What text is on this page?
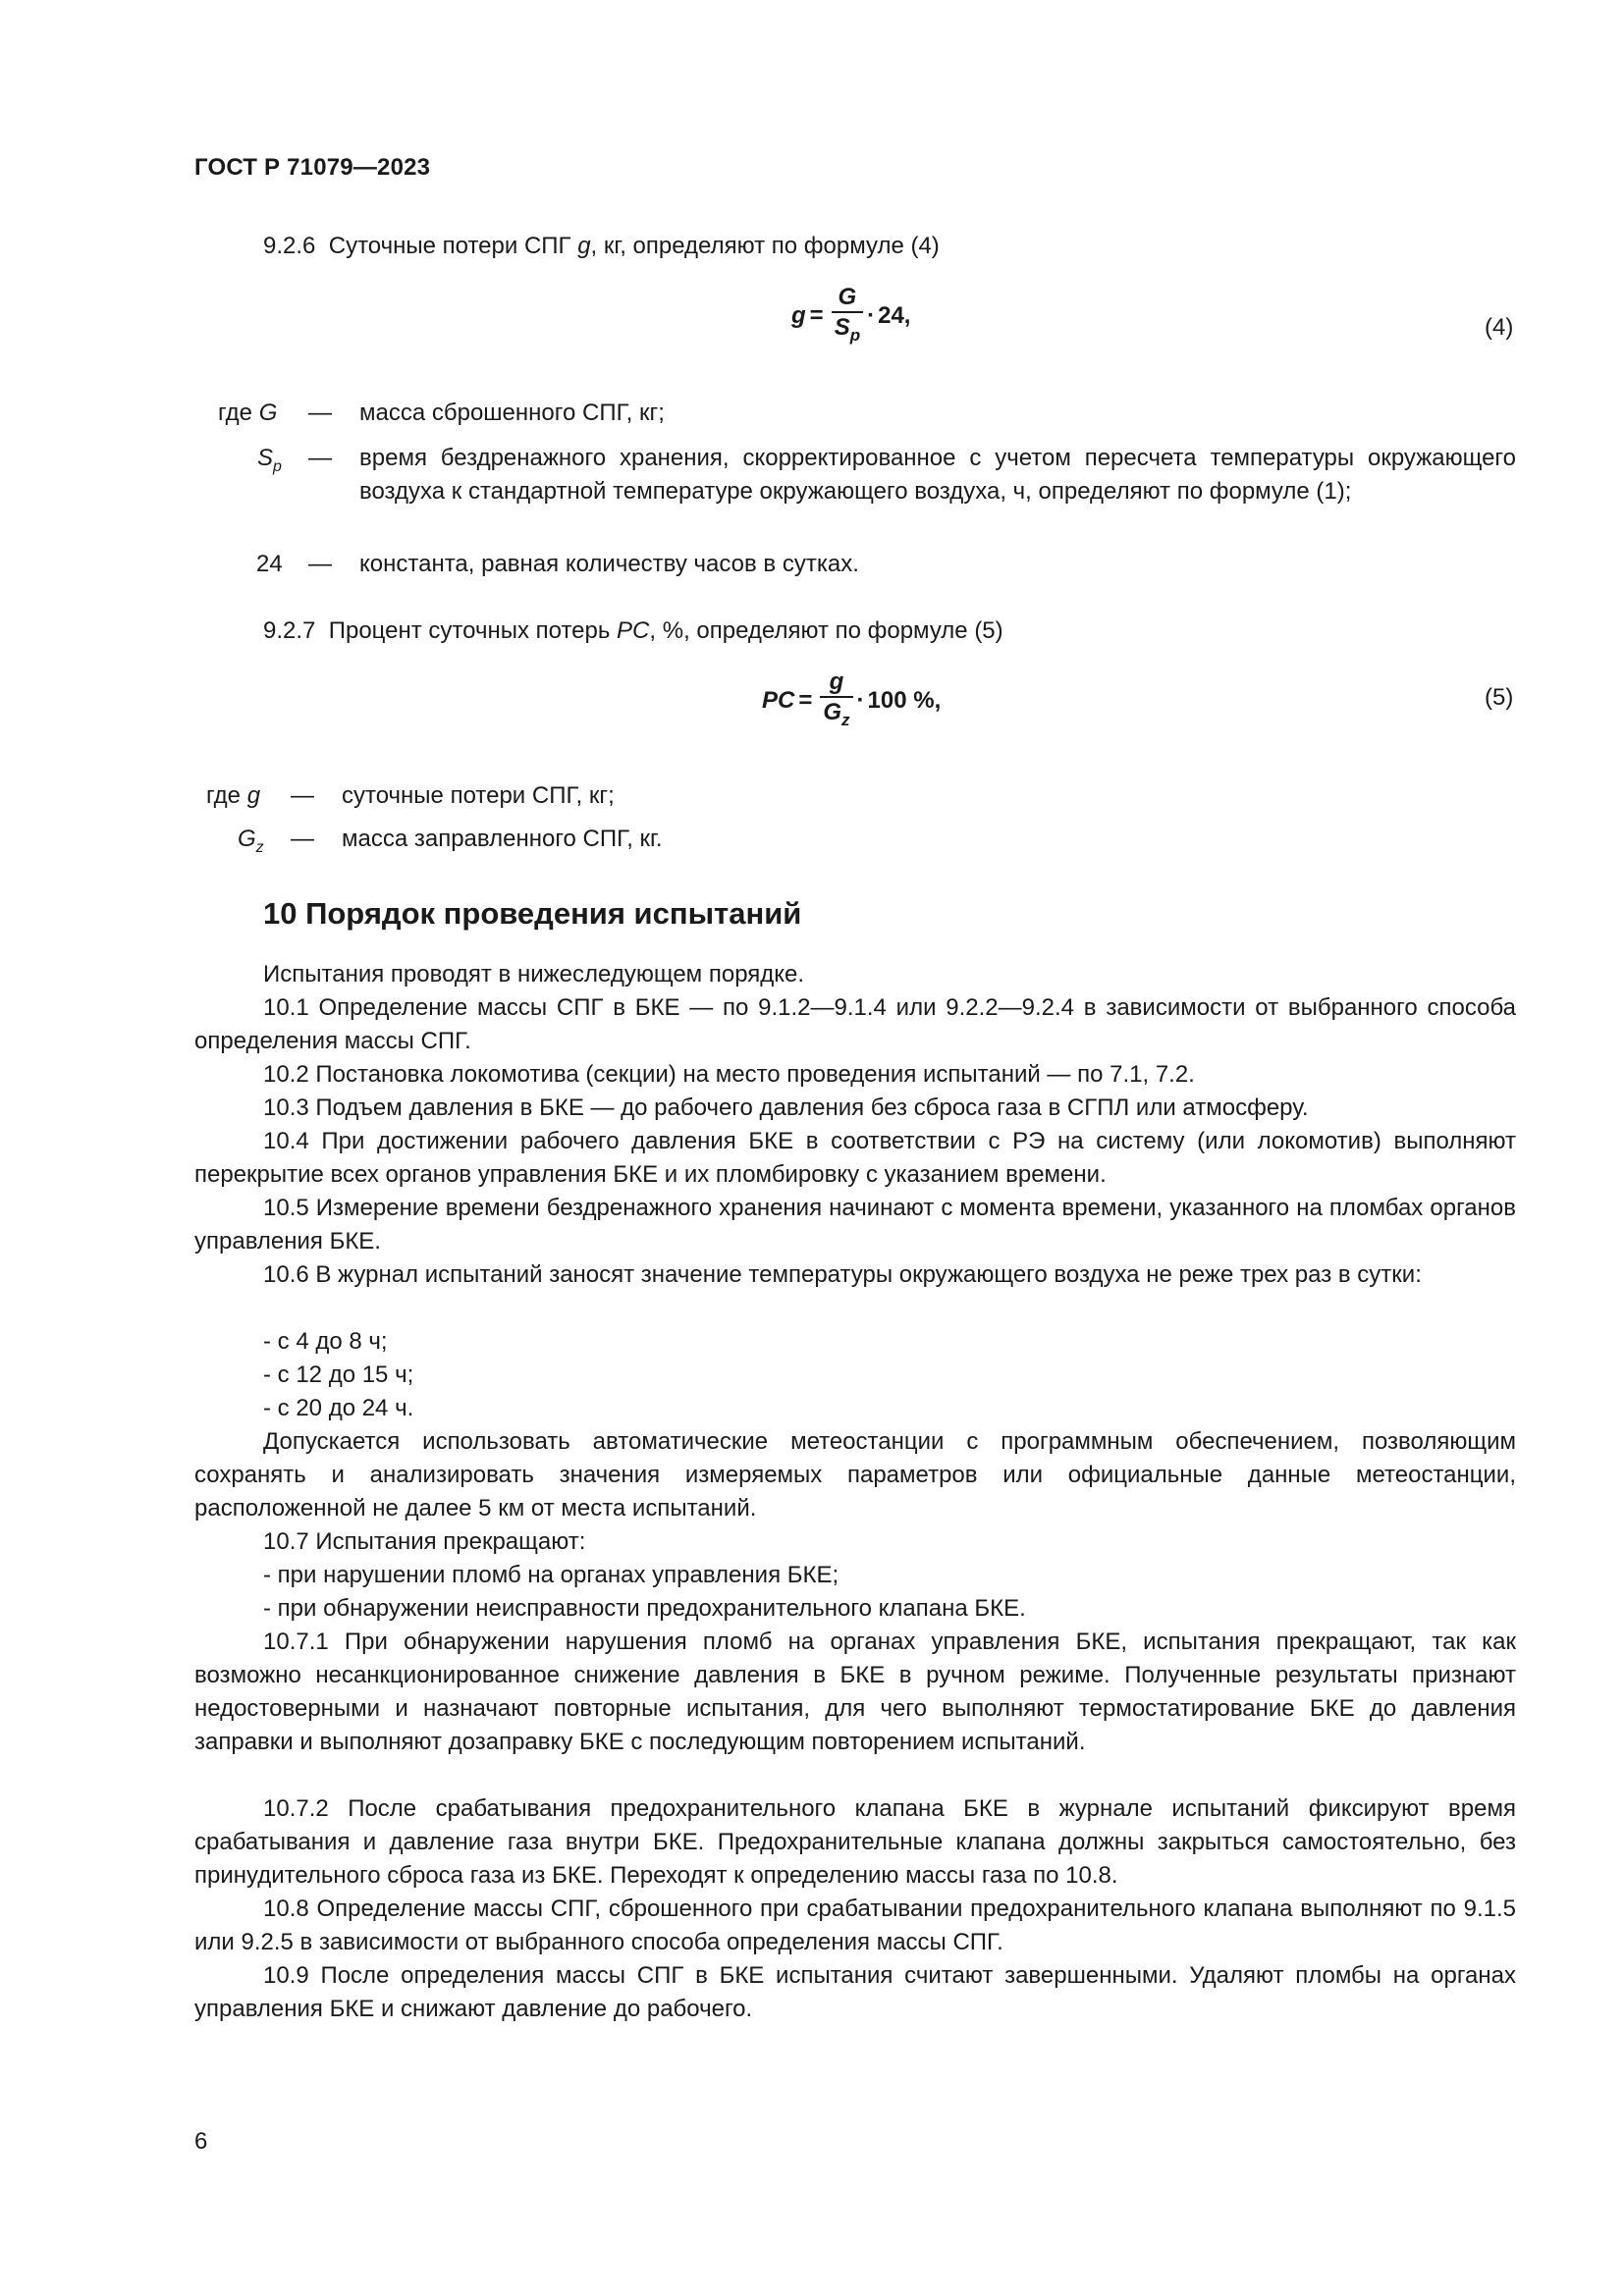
ГОСТ Р 71079—2023

9.2.6 Суточные потери СПГ g, кг, определяют по формуле (4)

$g = \frac{G}{S_p} \cdot 24$,	(4)
где G — масса сброшенного СПГ, кг;
$S_p$ — время бездренажного хранения, скорректированное с учетом пересчета температуры окружающего воздуха к стандартной температуре окружающего воздуха, ч, определяют по формуле (1);
24 — константа, равная количеству часов в сутках.

9.2.7 Процент суточных потерь PC, %, определяют по формуле (5)

PC = $\frac{g}{G_z} \cdot 100$ %,	(5)
где g — суточные потери СПГ, кг;
$G_z$ — масса заправленного СПГ, кг.
10 Порядок проведения испытаний

Испытания проводят в нижеследующем порядке.

10.1 Определение массы СПГ в БКЕ — по 9.1.2—9.1.4 или 9.2.2—9.2.4 в зависимости от выбранного способа определения массы СПГ.

10.2 Постановка локомотива (секции) на место проведения испытаний — по 7.1, 7.2.

10.3 Подъем давления в БКЕ — до рабочего давления без сброса газа в СГПЛ или атмосферу.

10.4 При достижении рабочего давления БКЕ в соответствии с РЭ на систему (или локомотив) выполняют перекрытие всех органов управления БКЕ и их пломбировку с указанием времени.

10.5 Измерение времени бездренажного хранения начинают с момента времени, указанного на пломбах органов управления БКЕ.

10.6 В журнал испытаний заносят значение температуры окружающего воздуха не реже трех раз в сутки:

- с 4 до 8 ч;

- с 12 до 15 ч;

- с 20 до 24 ч.

Допускается использовать автоматические метеостанции с программным обеспечением, позволяющим сохранять и анализировать значения измеряемых параметров или официальные данные метеостанции, расположенной не далее 5 км от места испытаний.

10.7 Испытания прекращают:

- при нарушении пломб на органах управления БКЕ;

- при обнаружении неисправности предохранительного клапана БКЕ.

10.7.1 При обнаружении нарушения пломб на органах управления БКЕ, испытания прекращают, так как возможно несанкционированное снижение давления в БКЕ в ручном режиме. Полученные результаты признают недостоверными и назначают повторные испытания, для чего выполняют термостатирование БКЕ до давления заправки и выполняют дозаправку БКЕ с последующим повторением испытаний.

10.7.2 После срабатывания предохранительного клапана БКЕ в журнале испытаний фиксируют время срабатывания и давление газа внутри БКЕ. Предохранительные клапана должны закрыться самостоятельно, без принудительного сброса газа из БКЕ. Переходят к определению массы газа по 10.8.

10.8 Определение массы СПГ, сброшенного при срабатывании предохранительного клапана выполняют по 9.1.5 или 9.2.5 в зависимости от выбранного способа определения массы СПГ.

10.9 После определения массы СПГ в БКЕ испытания считают завершенными. Удаляют пломбы на органах управления БКЕ и снижают давление до рабочего.

6
